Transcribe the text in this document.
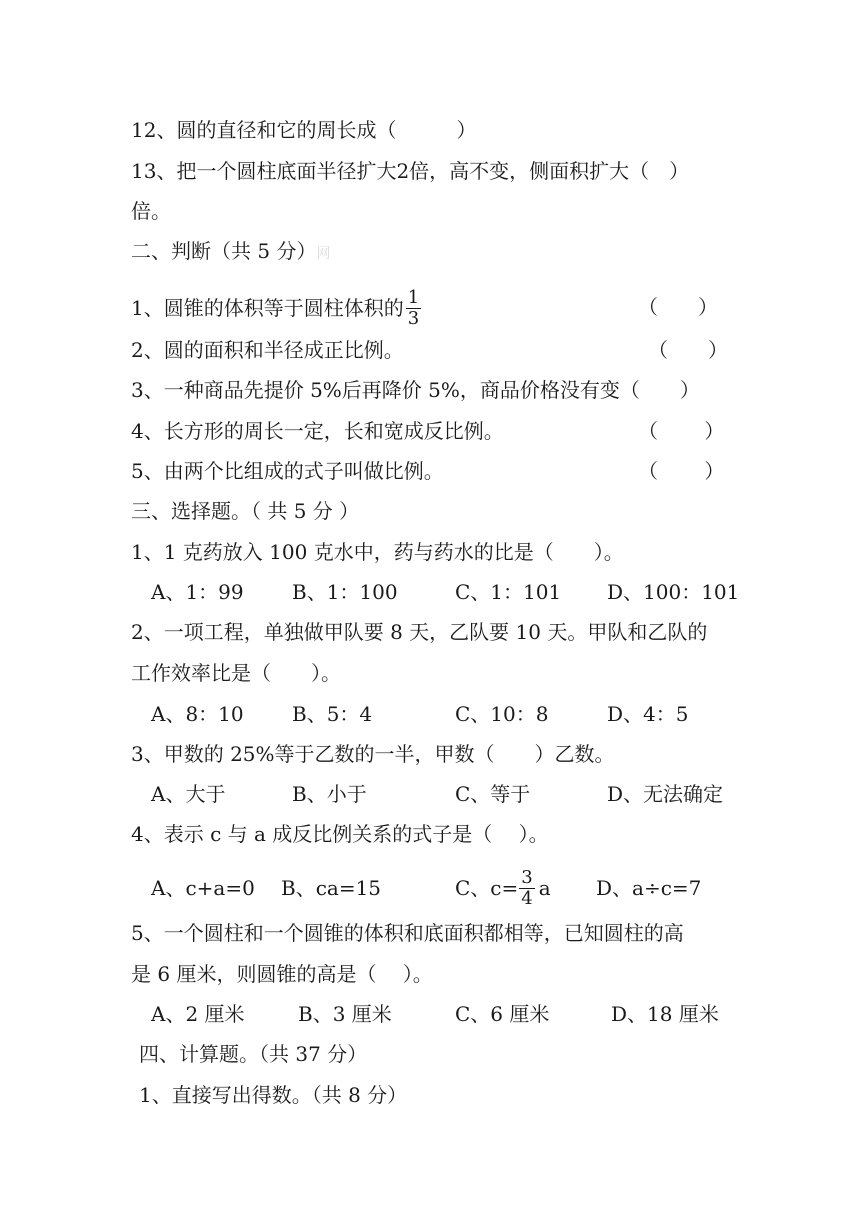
12、圆的直径和它的周长成（　　　）
13、把一个圆柱底面半径扩大2倍，高不变，侧面积扩大（　）
倍。
二、判断（共 5 分）网
1、圆锥的体积等于圆柱体积的 $\frac{1}{3}$	（　　）
2、圆的面积和半径成正比例。	（　　）
3、一种商品先提价 5%后再降价 5%，商品价格没有变（　　）
4、长方形的周长一定，长和宽成反比例。	（　　 ）
5、由两个比组成的式子叫做比例。	（　　 ）
三、选择题。（ 共 5 分 ）
1、1 克药放入 100 克水中，药与药水的比是（　　）。
A、1：99 B、1：100	C、1：101 D、100：101
2、一项工程，单独做甲队要 8 天，乙队要 10 天。甲队和乙队的
工作效率比是（　　）。
A、8：10 B、5：4	C、10：8	D、4：5
3、甲数的 25%等于乙数的一半，甲数（　　）乙数。
A、大于	B、小于	C、等于	D、无法确定
4、表示 c 与 a 成反比例关系的式子是（　 ）。
A、c+a=0 B、ca=15	C、$c= \frac{3}{4}$ a D、a÷c=7
5、一个圆柱和一个圆锥的体积和底面积都相等，已知圆柱的高
是 6 厘米，则圆锥的高是（　 ）。
A、2 厘米	B、3 厘米	C、6 厘米	D、18 厘米
四、计算题。（共 37 分）
1、直接写出得数。（共 8 分）
